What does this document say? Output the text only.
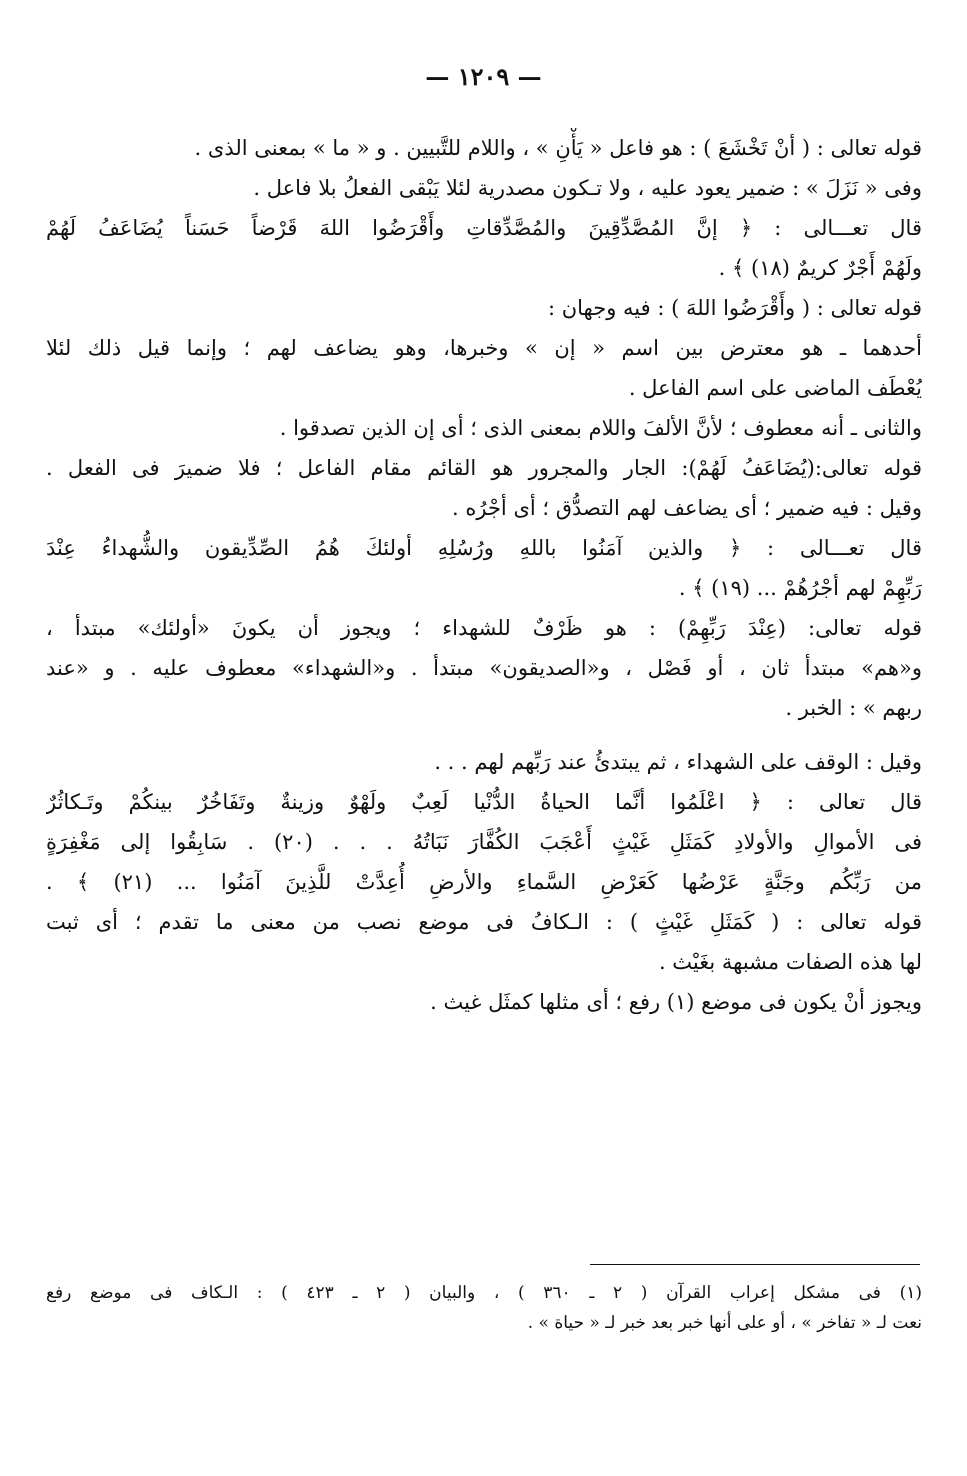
— ١٢٠٩ —
قوله تعالى : ( أنْ تَخْشَعَ ) : هو فاعل « يَأْنِ » ، واللام للتَّبيين . و « ما » بمعنى الذى .
وفى « نَزَلَ » : ضمير يعود عليه ، ولا تـكون مصدرية لئلا يَبْقى الفعلُ بلا فاعل .
قال تعـــالى : ﴿ إنَّ المُصَّدِّقِينَ والمُصَّدِّقاتِ وأَقْرَضُوا اللهَ قَرْضاً حَسَناً يُضَاعَفُ لَهُمْ
ولَهُمْ أَجْرٌ كريمٌ (١٨) ﴾ .
قوله تعالى : ( وأَقْرَضُوا اللهَ ) : فيه وجهان :
أحدهما ـ هو معترض بين اسم « إن » وخبرها، وهو يضاعف لهم ؛ وإنما قيل ذلك لئلا
يُعْطَف الماضى على اسم الفاعل .
والثانى ـ أنه معطوف ؛ لأنَّ الألفَ واللام بمعنى الذى ؛ أى إن الذين تصدقوا .
قوله تعالى:(يُضَاعَفُ لَهُمْ): الجار والمجرور هو القائم مقام الفاعل ؛ فلا ضميرَ فى الفعل .
وقيل : فيه ضمير ؛ أى يضاعف لهم التصدُّق ؛ أى أجْرُه .
قال تعـــالى : ﴿ والذين آمَنُوا باللهِ ورُسُلِهِ أولئكَ هُمُ الصِّدِّيقون والشُّهداءُ عِنْدَ
رَبِّهِمْ لهم أجْرُهُمْ ... (١٩) ﴾ .
قوله تعالى: (عِنْدَ رَبِّهِمْ) : هو ظَرْفٌ للشهداء ؛ ويجوز أن يكونَ «أولئك» مبتدأ ،
و«هم» مبتدأ ثان ، أو فَصْل ، و«الصديقون» مبتدأ . و«الشهداء» معطوف عليه . و «عند
ربهم » : الخبر .
وقيل : الوقف على الشهداء ، ثم يبتدئُ عند رَبِّهم لهم . . .
قال تعالى : ﴿ اعْلَمُوا أنَّما الحياةُ الدُّنْيا لَعِبٌ ولَهْوٌ وزينةٌ وتَفَاخُرٌ بينكُمْ وتَـكاثُرٌ
فى الأموالِ والأولادِ كَمَثَلِ غَيْثٍ أَعْجَبَ الكُفَّارَ نَبَاتُهُ . . . (٢٠) . سَابِقُوا إلى مَغْفِرَةٍ
من رَبِّكُم وجَنَّةٍ عَرْضُها كَعَرْضِ السَّماءِ والأرضِ أُعِدَّتْ للَّذِينَ آمَنُوا ... (٢١) ﴾ .
قوله تعالى : ( كَمَثَلِ غَيْثٍ ) : الـكافُ فى موضع نصب من معنى ما تقدم ؛ أى ثبت
لها هذه الصفات مشبهة بغَيْث .
ويجوز أنْ يكون فى موضع (١) رفع ؛ أى مثلها كمثَل غيث .
(١) فى مشكل إعراب القرآن ( ٢ ـ ٣٦٠ ) ، والبيان ( ٢ ـ ٤٢٣ ) : الـكاف فى موضع رفع
نعت لـ « تفاخر » ، أو على أنها خبر بعد خبر لـ « حياة » .
